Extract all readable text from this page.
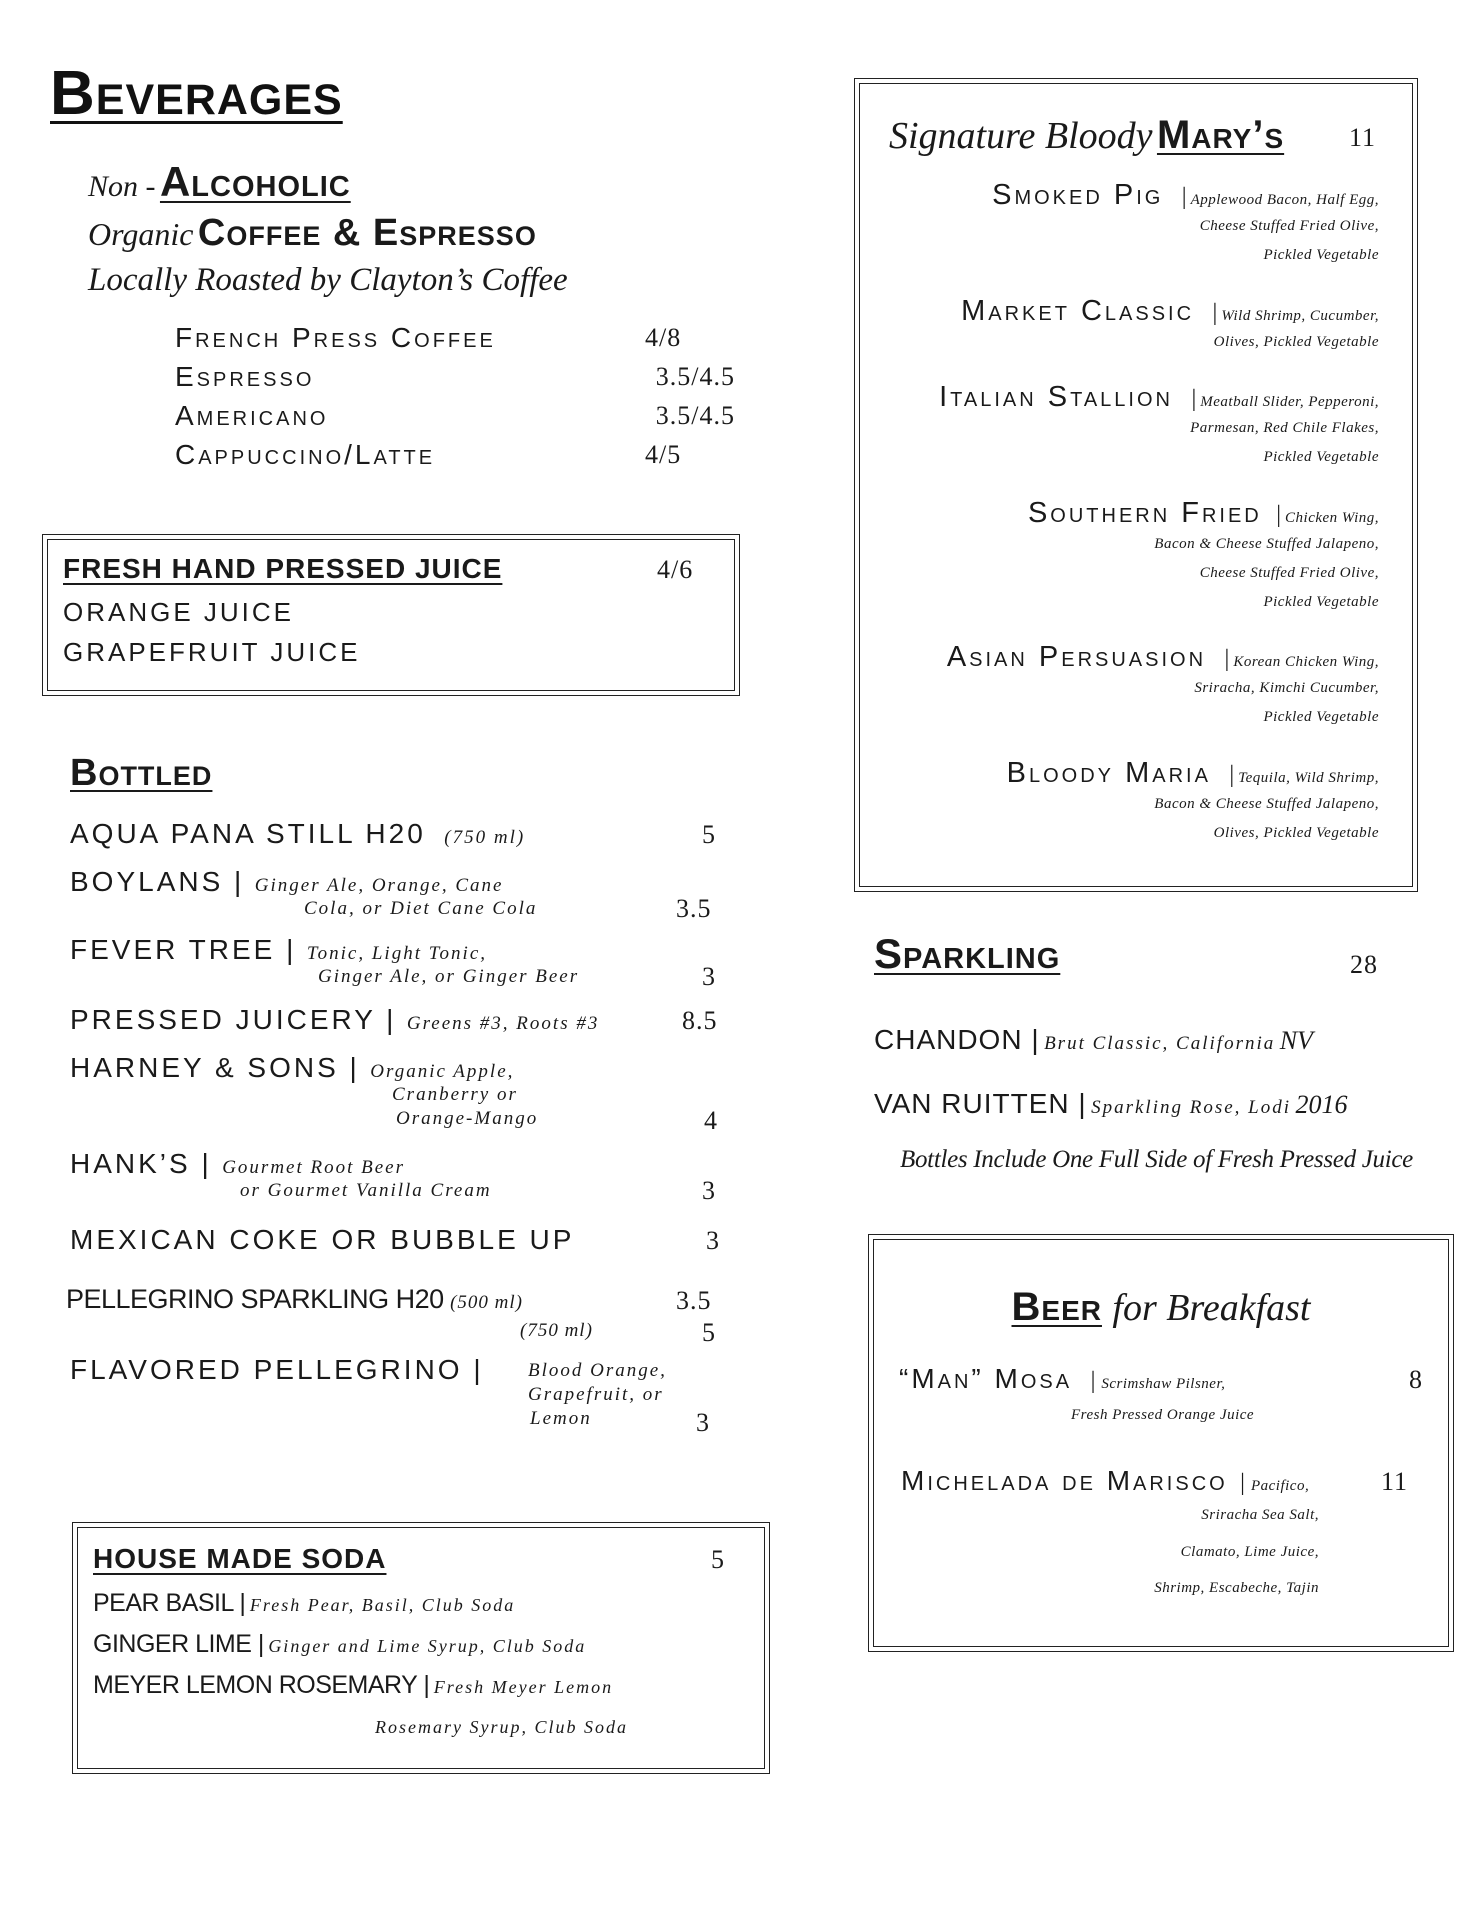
Beverages
Non - Alcoholic
Organic Coffee & Espresso
Locally Roasted by Clayton’s Coffee
French Press Coffee	4/8
Espresso	3.5/4.5
Americano	3.5/4.5
Cappuccino/Latte	4/5
FRESH HAND PRESSED JUICE	4/6
ORANGE JUICE
GRAPEFRUIT JUICE
Bottled
AQUA PANA STILL H20 (750 ml)	5
BOYLANS | Ginger Ale, Orange, Cane
Cola, or Diet Cane Cola	3.5
FEVER TREE | Tonic, Light Tonic,
Ginger Ale, or Ginger Beer	3
PRESSED JUICERY | Greens #3, Roots #3	8.5
HARNEY & SONS | Organic Apple,
Cranberry or
Orange-Mango	4
HANK’S | Gourmet Root Beer
or Gourmet Vanilla Cream	3
MEXICAN COKE OR BUBBLE UP	3
PELLEGRINO SPARKLING H20 (500 ml)	3.5
(750 ml)	5
FLAVORED PELLEGRINO | Blood Orange,
Grapefruit, or
Lemon	3
HOUSE MADE SODA	5
PEAR BASIL | Fresh Pear, Basil, Club Soda
GINGER LIME | Ginger and Lime Syrup, Club Soda
MEYER LEMON ROSEMARY | Fresh Meyer Lemon
Rosemary Syrup, Club Soda
Signature Bloody Mary’s 11
Smoked Pig | Applewood Bacon, Half Egg,
Cheese Stuffed Fried Olive,
Pickled Vegetable
Market Classic | Wild Shrimp, Cucumber,
Olives, Pickled Vegetable
Italian Stallion | Meatball Slider, Pepperoni,
Parmesan, Red Chile Flakes,
Pickled Vegetable
Southern Fried | Chicken Wing,
Bacon & Cheese Stuffed Jalapeno,
Cheese Stuffed Fried Olive,
Pickled Vegetable
Asian Persuasion | Korean Chicken Wing,
Sriracha, Kimchi Cucumber,
Pickled Vegetable
Bloody Maria | Tequila, Wild Shrimp,
Bacon & Cheese Stuffed Jalapeno,
Olives, Pickled Vegetable
Sparkling	28
CHANDON | Brut Classic, California NV
VAN RUITTEN | Sparkling Rose, Lodi 2016
Bottles Include One Full Side of Fresh Pressed Juice
Beer for Breakfast
“Man” Mosa | Scrimshaw Pilsner,
Fresh Pressed Orange Juice
8
Michelada de Marisco | Pacifico,
Sriracha Sea Salt,
Clamato, Lime Juice,
Shrimp, Escabeche, Tajin
11
